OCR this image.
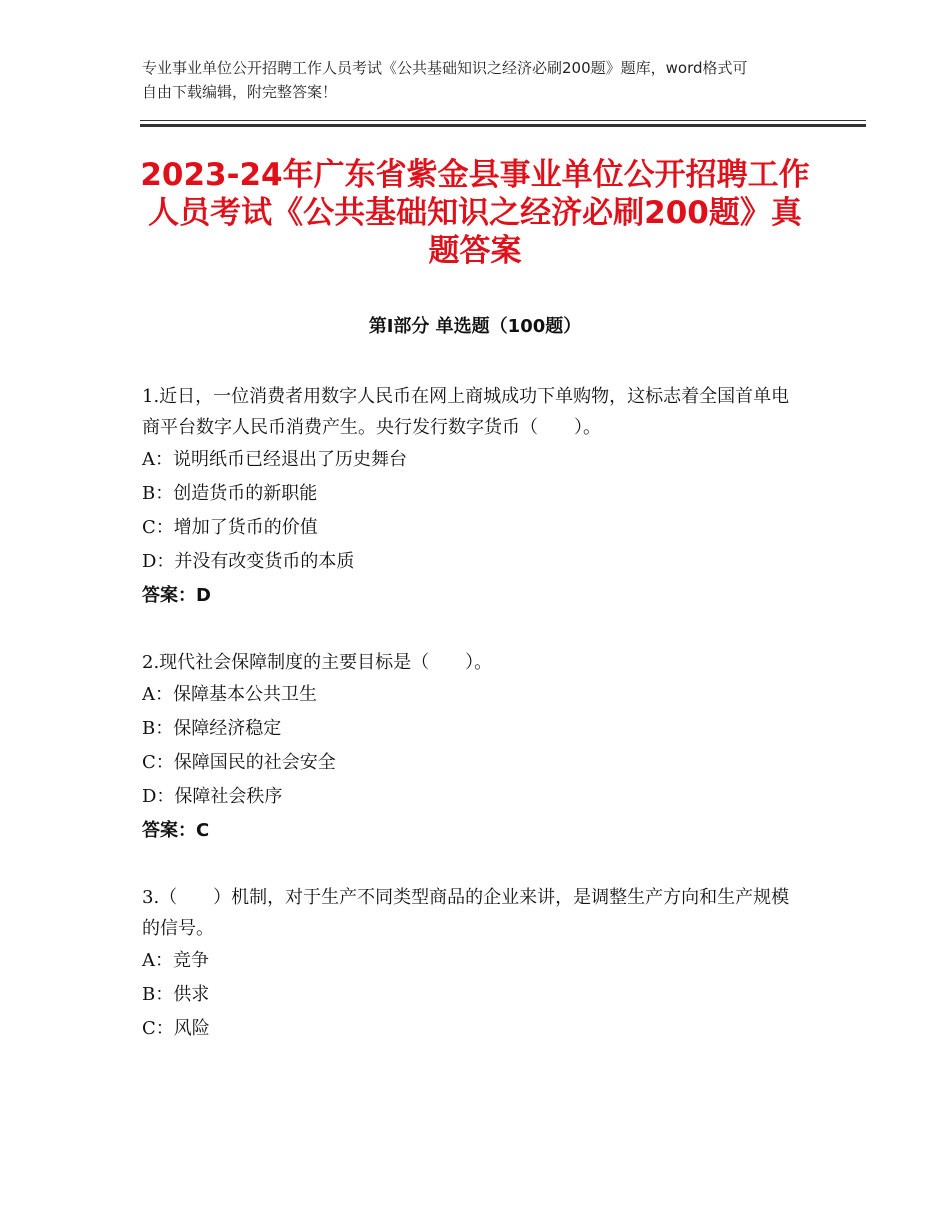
专业事业单位公开招聘工作人员考试《公共基础知识之经济必刷200题》题库，word格式可自由下载编辑，附完整答案！
2023-24年广东省紫金县事业单位公开招聘工作人员考试《公共基础知识之经济必刷200题》真题答案
第Ⅰ部分 单选题（100题）

1.近日，一位消费者用数字人民币在网上商城成功下单购物，这标志着全国首单电商平台数字人民币消费产生。央行发行数字货币（　　）。

A：说明纸币已经退出了历史舞台

B：创造货币的新职能

C：增加了货币的价值

D：并没有改变货币的本质

答案：D

2.现代社会保障制度的主要目标是（　　）。

A：保障基本公共卫生

B：保障经济稳定

C：保障国民的社会安全

D：保障社会秩序

答案：C

3.（　　）机制，对于生产不同类型商品的企业来讲，是调整生产方向和生产规模的信号。

A：竞争

B：供求

C：风险
